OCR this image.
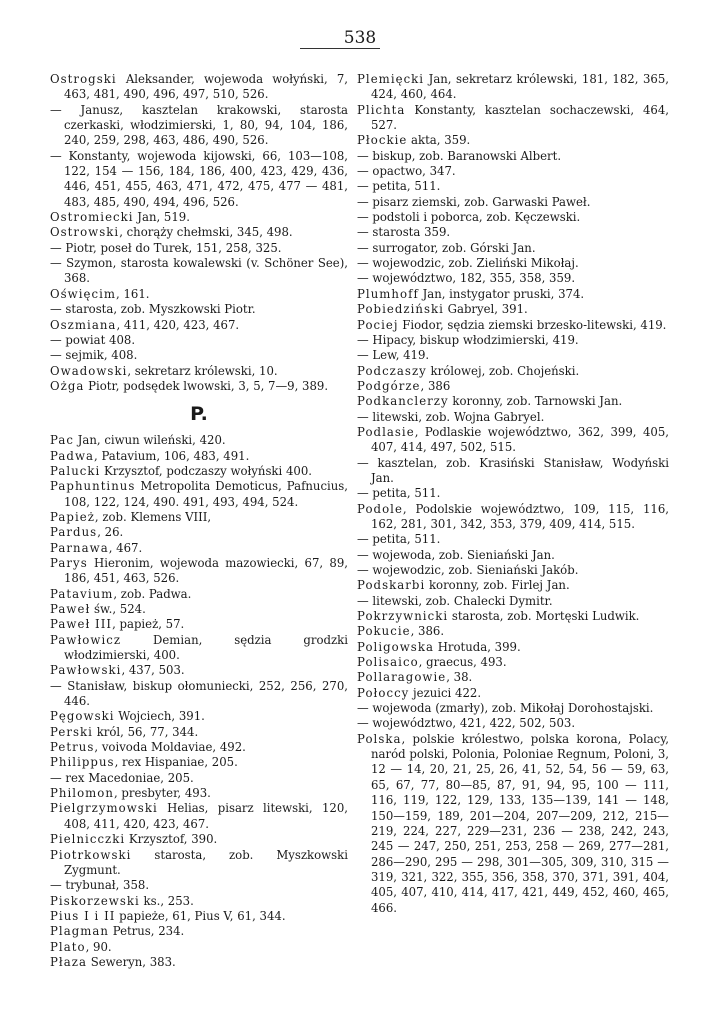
538
Ostrogski Aleksander, wojewoda wołyński, 7, 463, 481, 490, 496, 497, 510, 526.
— Janusz, kasztelan krakowski, starosta czerkaski, włodzimierski, 1, 80, 94, 104, 186, 240, 259, 298, 463, 486, 490, 526.
— Konstanty, wojewoda kijowski, 66, 103—108, 122, 154 — 156, 184, 186, 400, 423, 429, 436, 446, 451, 455, 463, 471, 472, 475, 477 — 481, 483, 485, 490, 494, 496, 526.
Ostromiecki Jan, 519.
Ostrowski, chorąży chełmski, 345, 498.
— Piotr, poseł do Turek, 151, 258, 325.
— Szymon, starosta kowalewski (v. Schöner See), 368.
Oświęcim, 161.
— starosta, zob. Myszkowski Piotr.
Oszmiana, 411, 420, 423, 467.
— powiat 408.
— sejmik, 408.
Owadowski, sekretarz królewski, 10.
Ożga Piotr, podsędek lwowski, 3, 5, 7—9, 389.
P.
Pac Jan, ciwun wileński, 420.
Padwa, Patavium, 106, 483, 491.
Palucki Krzysztof, podczaszy wołyński 400.
Paphuntinus Metropolita Demoticus, Pafnucius, 108, 122, 124, 490. 491, 493, 494, 524.
Papież, zob. Klemens VIII,
Pardus, 26.
Parnawa, 467.
Parys Hieronim, wojewoda mazowiecki, 67, 89, 186, 451, 463, 526.
Patavium, zob. Padwa.
Paweł św., 524.
Paweł III, papież, 57.
Pawłowicz Demian, sędzia grodzki włodzimierski, 400.
Pawłowski, 437, 503.
— Stanisław, biskup ołomuniecki, 252, 256, 270, 446.
Pęgowski Wojciech, 391.
Perski król, 56, 77, 344.
Petrus, voivoda Moldaviae, 492.
Philippus, rex Hispaniae, 205.
— rex Macedoniae, 205.
Philomon, presbyter, 493.
Pielgrzymowski Helias, pisarz litewski, 120, 408, 411, 420, 423, 467.
Pielnicczki Krzysztof, 390.
Piotrkowski starosta, zob. Myszkowski Zygmunt.
— trybunał, 358.
Piskorzewski ks., 253.
Pius I i II papieże, 61, Pius V, 61, 344.
Plagman Petrus, 234.
Plato, 90.
Płaza Seweryn, 383.
Plemięcki Jan, sekretarz królewski, 181, 182, 365, 424, 460, 464.
Plichta Konstanty, kasztelan sochaczewski, 464, 527.
Płockie akta, 359.
— biskup, zob. Baranowski Albert.
— opactwo, 347.
— petita, 511.
— pisarz ziemski, zob. Garwaski Paweł.
— podstoli i poborca, zob. Kęczewski.
— starosta 359.
— surrogator, zob. Górski Jan.
— wojewodzic, zob. Zieliński Mikołaj.
— województwo, 182, 355, 358, 359.
Plumhoff Jan, instygator pruski, 374.
Pobiedziński Gabryel, 391.
Pociej Fiodor, sędzia ziemski brzesko-litewski, 419.
— Hipacy, biskup włodzimierski, 419.
— Lew, 419.
Podczaszy królowej, zob. Chojeński.
Podgórze, 386
Podkanclerzy koronny, zob. Tarnowski Jan.
— litewski, zob. Wojna Gabryel.
Podlasie, Podlaskie województwo, 362, 399, 405, 407, 414, 497, 502, 515.
— kasztelan, zob. Krasiński Stanisław, Wodyński Jan.
— petita, 511.
Podole, Podolskie województwo, 109, 115, 116, 162, 281, 301, 342, 353, 379, 409, 414, 515.
— petita, 511.
— wojewoda, zob. Sieniański Jan.
— wojewodzic, zob. Sieniański Jakób.
Podskarbi koronny, zob. Firlej Jan.
— litewski, zob. Chalecki Dymitr.
Pokrzywnicki starosta, zob. Mortęski Ludwik.
Pokucie, 386.
Poligowska Hrotuda, 399.
Polisaico, graecus, 493.
Pollaragowie, 38.
Połoccy jezuici 422.
— wojewoda (zmarły), zob. Mikołaj Dorohostajski.
— województwo, 421, 422, 502, 503.
Polska, polskie królestwo, polska korona, Polacy, naród polski, Polonia, Poloniae Regnum, Poloni, 3, 12 — 14, 20, 21, 25, 26, 41, 52, 54, 56 — 59, 63, 65, 67, 77, 80—85, 87, 91, 94, 95, 100 — 111, 116, 119, 122, 129, 133, 135—139, 141 — 148, 150—159, 189, 201—204, 207—209, 212, 215—219, 224, 227, 229—231, 236 — 238, 242, 243, 245 — 247, 250, 251, 253, 258 — 269, 277—281, 286—290, 295 — 298, 301—305, 309, 310, 315 — 319, 321, 322, 355, 356, 358, 370, 371, 391, 404, 405, 407, 410, 414, 417, 421, 449, 452, 460, 465, 466.
